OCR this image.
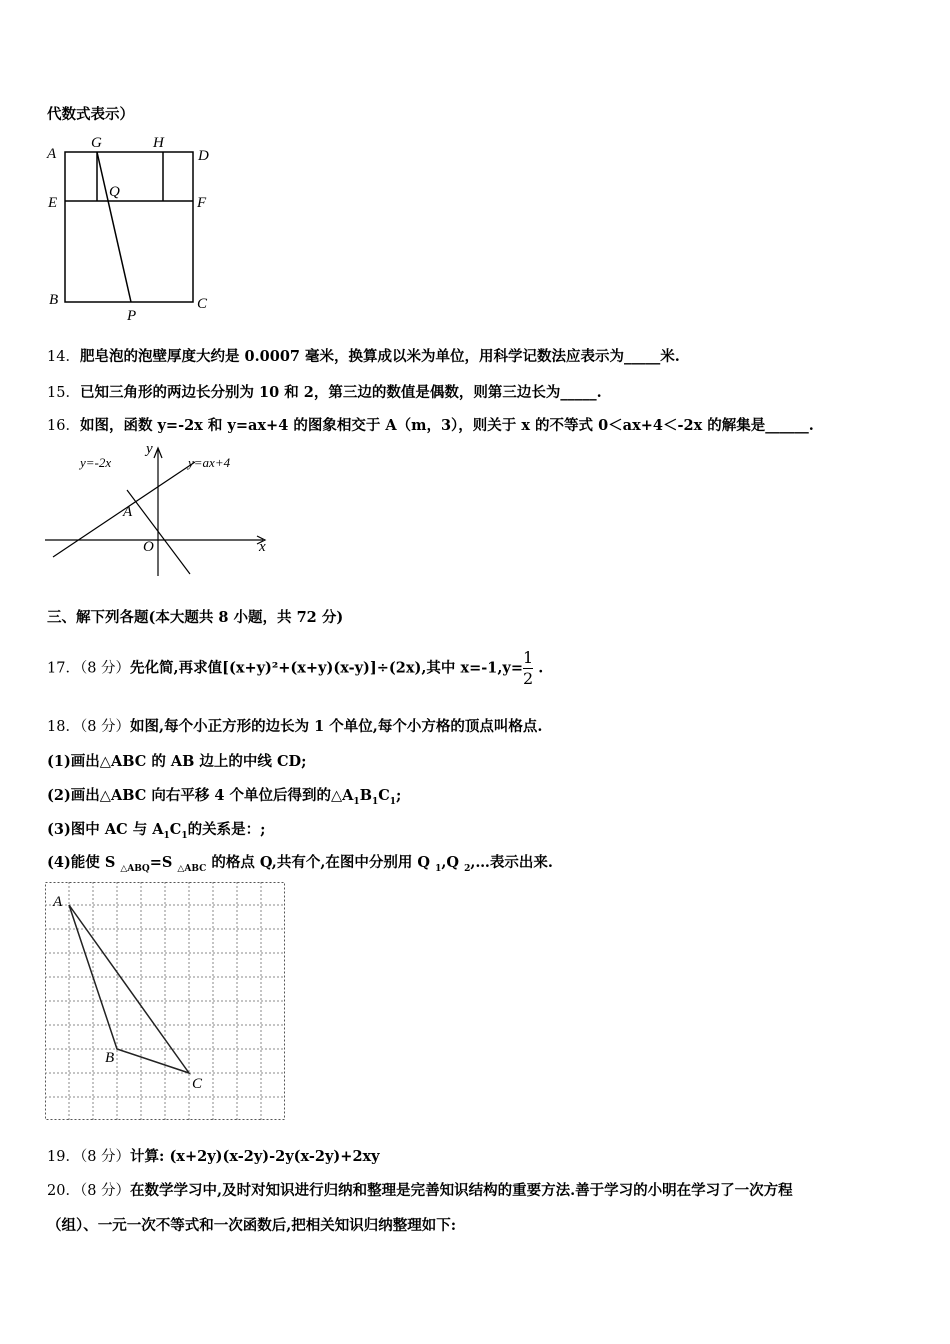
代数式表示）
A
G	H
D
E
Q
F
B
P
C
14．肥皂泡的泡壁厚度大约是 0.0007 毫米，换算成以米为单位，用科学记数法应表示为_____米.
15．已知三角形的两边长分别为 10 和 2，第三边的数值是偶数，则第三边长为_____.
16．如图，函数 y=-2x 和 y=ax+4 的图象相交于 A（m，3），则关于 x 的不等式 0＜ax+4＜-2x 的解集是______.
y=-2x	y=ax+4
y
x
O
A
三、解下列各题(本大题共 8 小题，共 72 分)
17．（8 分）先化简,再求值[(x+y)²+(x+y)(x-y)]÷(2x),其中 $x=-1,y= \frac{1}{2}$ .
18．（8 分）如图,每个小正方形的边长为 1 个单位,每个小方格的顶点叫格点.
(1)画出△ABC 的 AB 边上的中线 CD;
(2)画出△ABC 向右平移 4 个单位后得到的$\triangle A_1B_1C_1$;
(3)图中 AC 与 $A_1C_1$的关系是：;
(4)能使 S $_{\triangle ABQ}$=S $_{\triangle ABC}$ 的格点 Q,共有个,在图中分别用 Q $_1$,Q $_2$,…表示出来.
A
B
C
19．（8 分）计算: (x+2y)(x-2y)-2y(x-2y)+2xy
20．（8 分）在数学学习中,及时对知识进行归纳和整理是完善知识结构的重要方法.善于学习的小明在学习了一次方程
（组）、一元一次不等式和一次函数后,把相关知识归纳整理如下:
